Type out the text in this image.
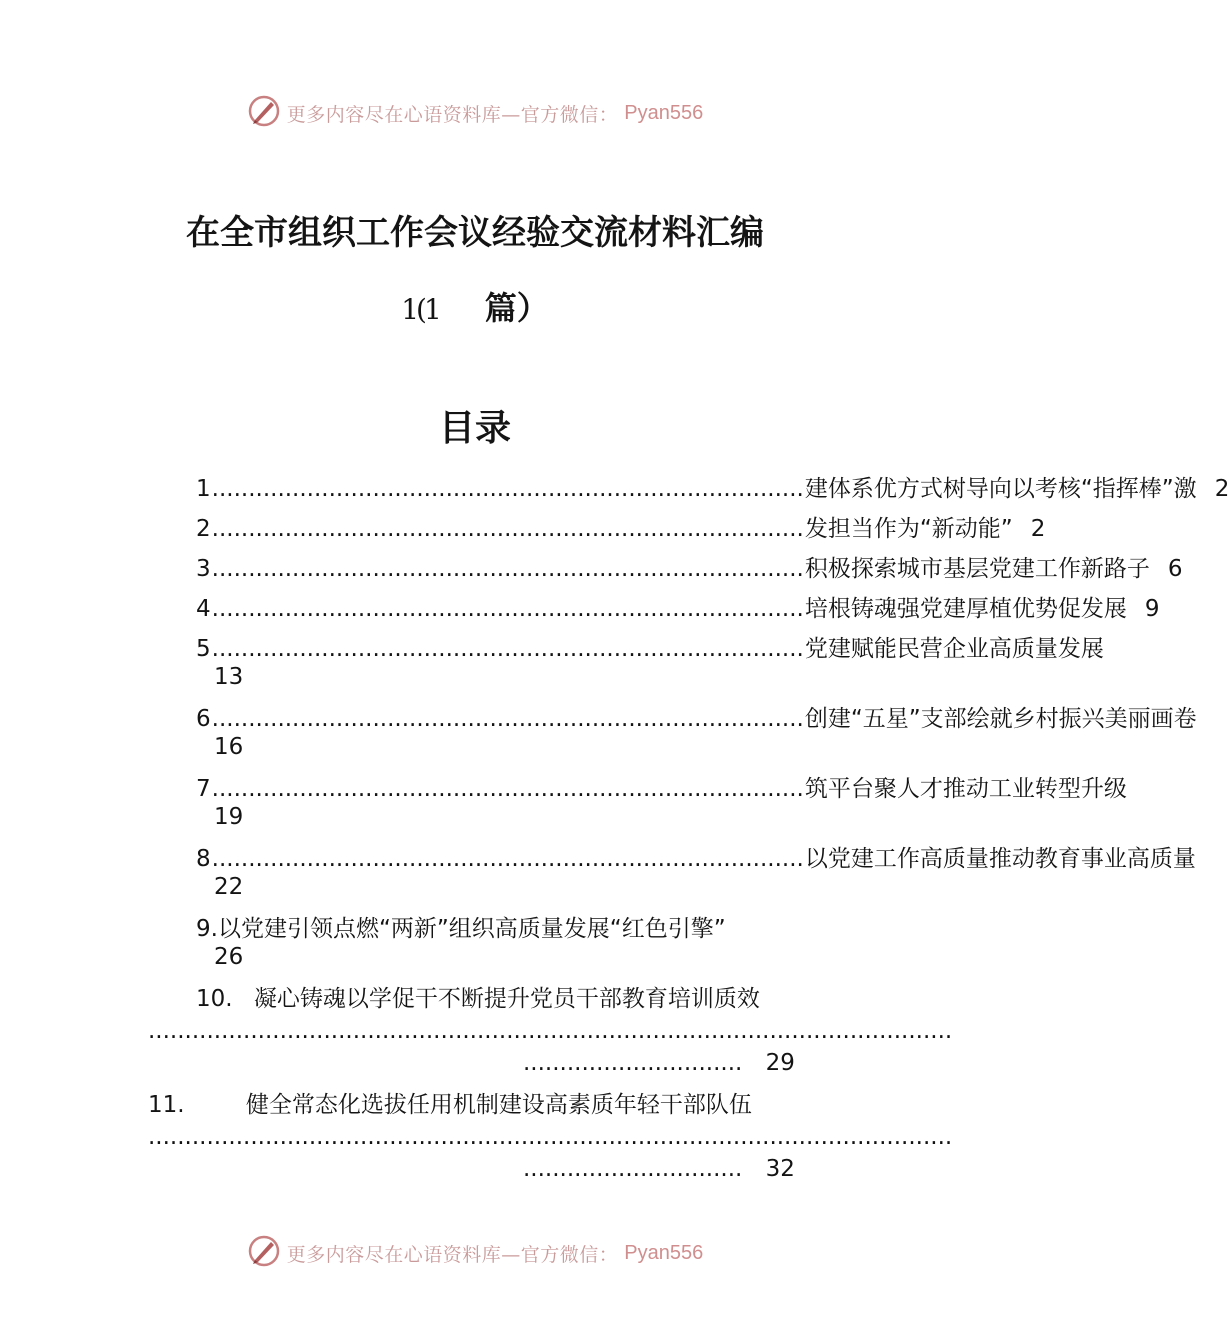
更多内容尽在心语资料库—官方微信： Pyan556
在全市组织工作会议经验交流材料汇编
1(1 篇）
目录
1 ................................................................................. 建体系优方式树导向以考核“指挥棒”激 2
2 ................................................................................. 发担当作为“新动能” 2
3 ................................................................................. 积极探索城市基层党建工作新路子 6
4 ................................................................................. 培根铸魂强党建厚植优势促发展 9
5 ................................................................................. 党建赋能民营企业高质量发展
13
6 ................................................................................. 创建“五星”支部绘就乡村振兴美丽画卷
16
7 ................................................................................. 筑平台聚人才推动工业转型升级
19
8 ................................................................................. 以党建工作高质量推动教育事业高质量
22
9.以党建引领点燃“两新”组织高质量发展“红色引擎”
26
10. 凝心铸魂以学促干不断提升党员干部教育培训质效
..............................................................................................................
.............................. 29
11.	健全常态化选拔任用机制建设高素质年轻干部队伍
..............................................................................................................
.............................. 32
更多内容尽在心语资料库—官方微信： Pyan556
